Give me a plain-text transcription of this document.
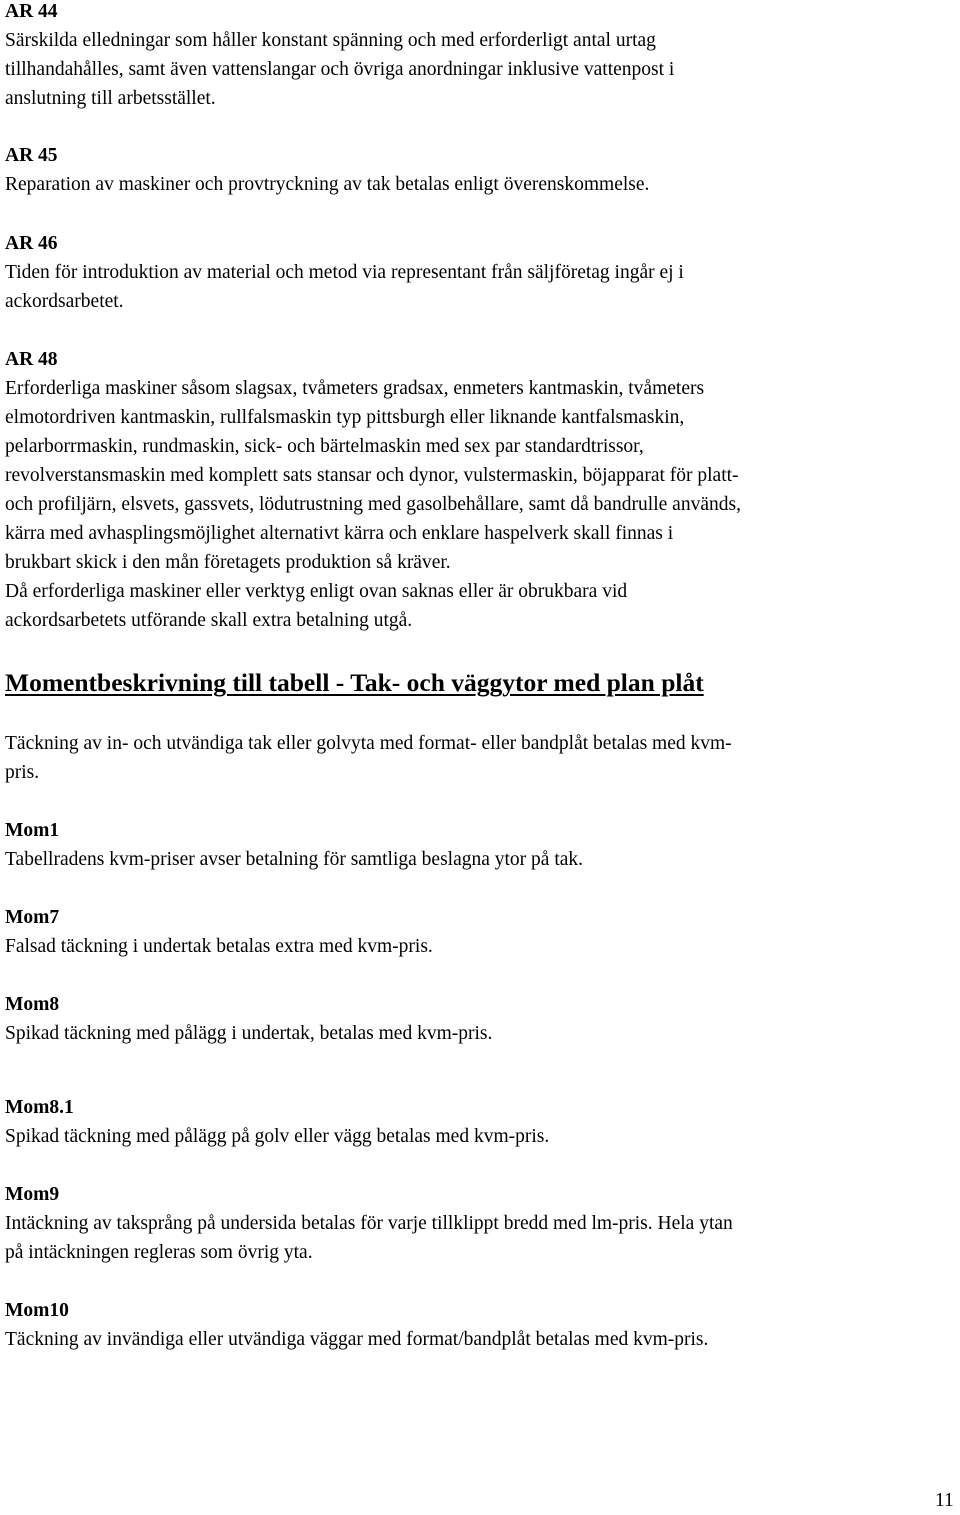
AR 44
Särskilda elledningar som håller konstant spänning och med erforderligt antal urtag
tillhandahålles, samt även vattenslangar och övriga anordningar inklusive vattenpost i
anslutning till arbetsstället.
AR 45
Reparation av maskiner och provtryckning av tak betalas enligt överenskommelse.
AR 46
Tiden för introduktion av material och metod via representant från säljföretag ingår ej i
ackordsarbetet.
AR 48
Erforderliga maskiner såsom slagsax, tvåmeters gradsax, enmeters kantmaskin, tvåmeters
elmotordriven kantmaskin, rullfalsmaskin typ pittsburgh eller liknande kantfalsmaskin,
pelarborrmaskin, rundmaskin, sick- och bärtelmaskin med sex par standardtrissor,
revolverstansmaskin med komplett sats stansar och dynor, vulstermaskin, böjapparat för platt-
och profiljärn, elsvets, gassvets, lödutrustning med gasolbehållare, samt då bandrulle används,
kärra med avhasplingsmöjlighet alternativt kärra och enklare haspelverk skall finnas i
brukbart skick i den mån företagets produktion så kräver.
Då erforderliga maskiner eller verktyg enligt ovan saknas eller är obrukbara vid
ackordsarbetets utförande skall extra betalning utgå.
Momentbeskrivning till tabell - Tak- och väggytor med plan plåt
Täckning av in- och utvändiga tak eller golvyta med format- eller bandplåt betalas med kvm-
pris.
Mom1
Tabellradens kvm-priser avser betalning för samtliga beslagna ytor på tak.
Mom7
Falsad täckning i undertak betalas extra med kvm-pris.
Mom8
Spikad täckning med pålägg i undertak, betalas med kvm-pris.
Mom8.1
Spikad täckning med pålägg på golv eller vägg betalas med kvm-pris.
Mom9
Intäckning av taksprång på undersida betalas för varje tillklippt bredd med lm-pris. Hela ytan
på intäckningen regleras som övrig yta.
Mom10
Täckning av invändiga eller utvändiga väggar med format/bandplåt betalas med kvm-pris.
11
